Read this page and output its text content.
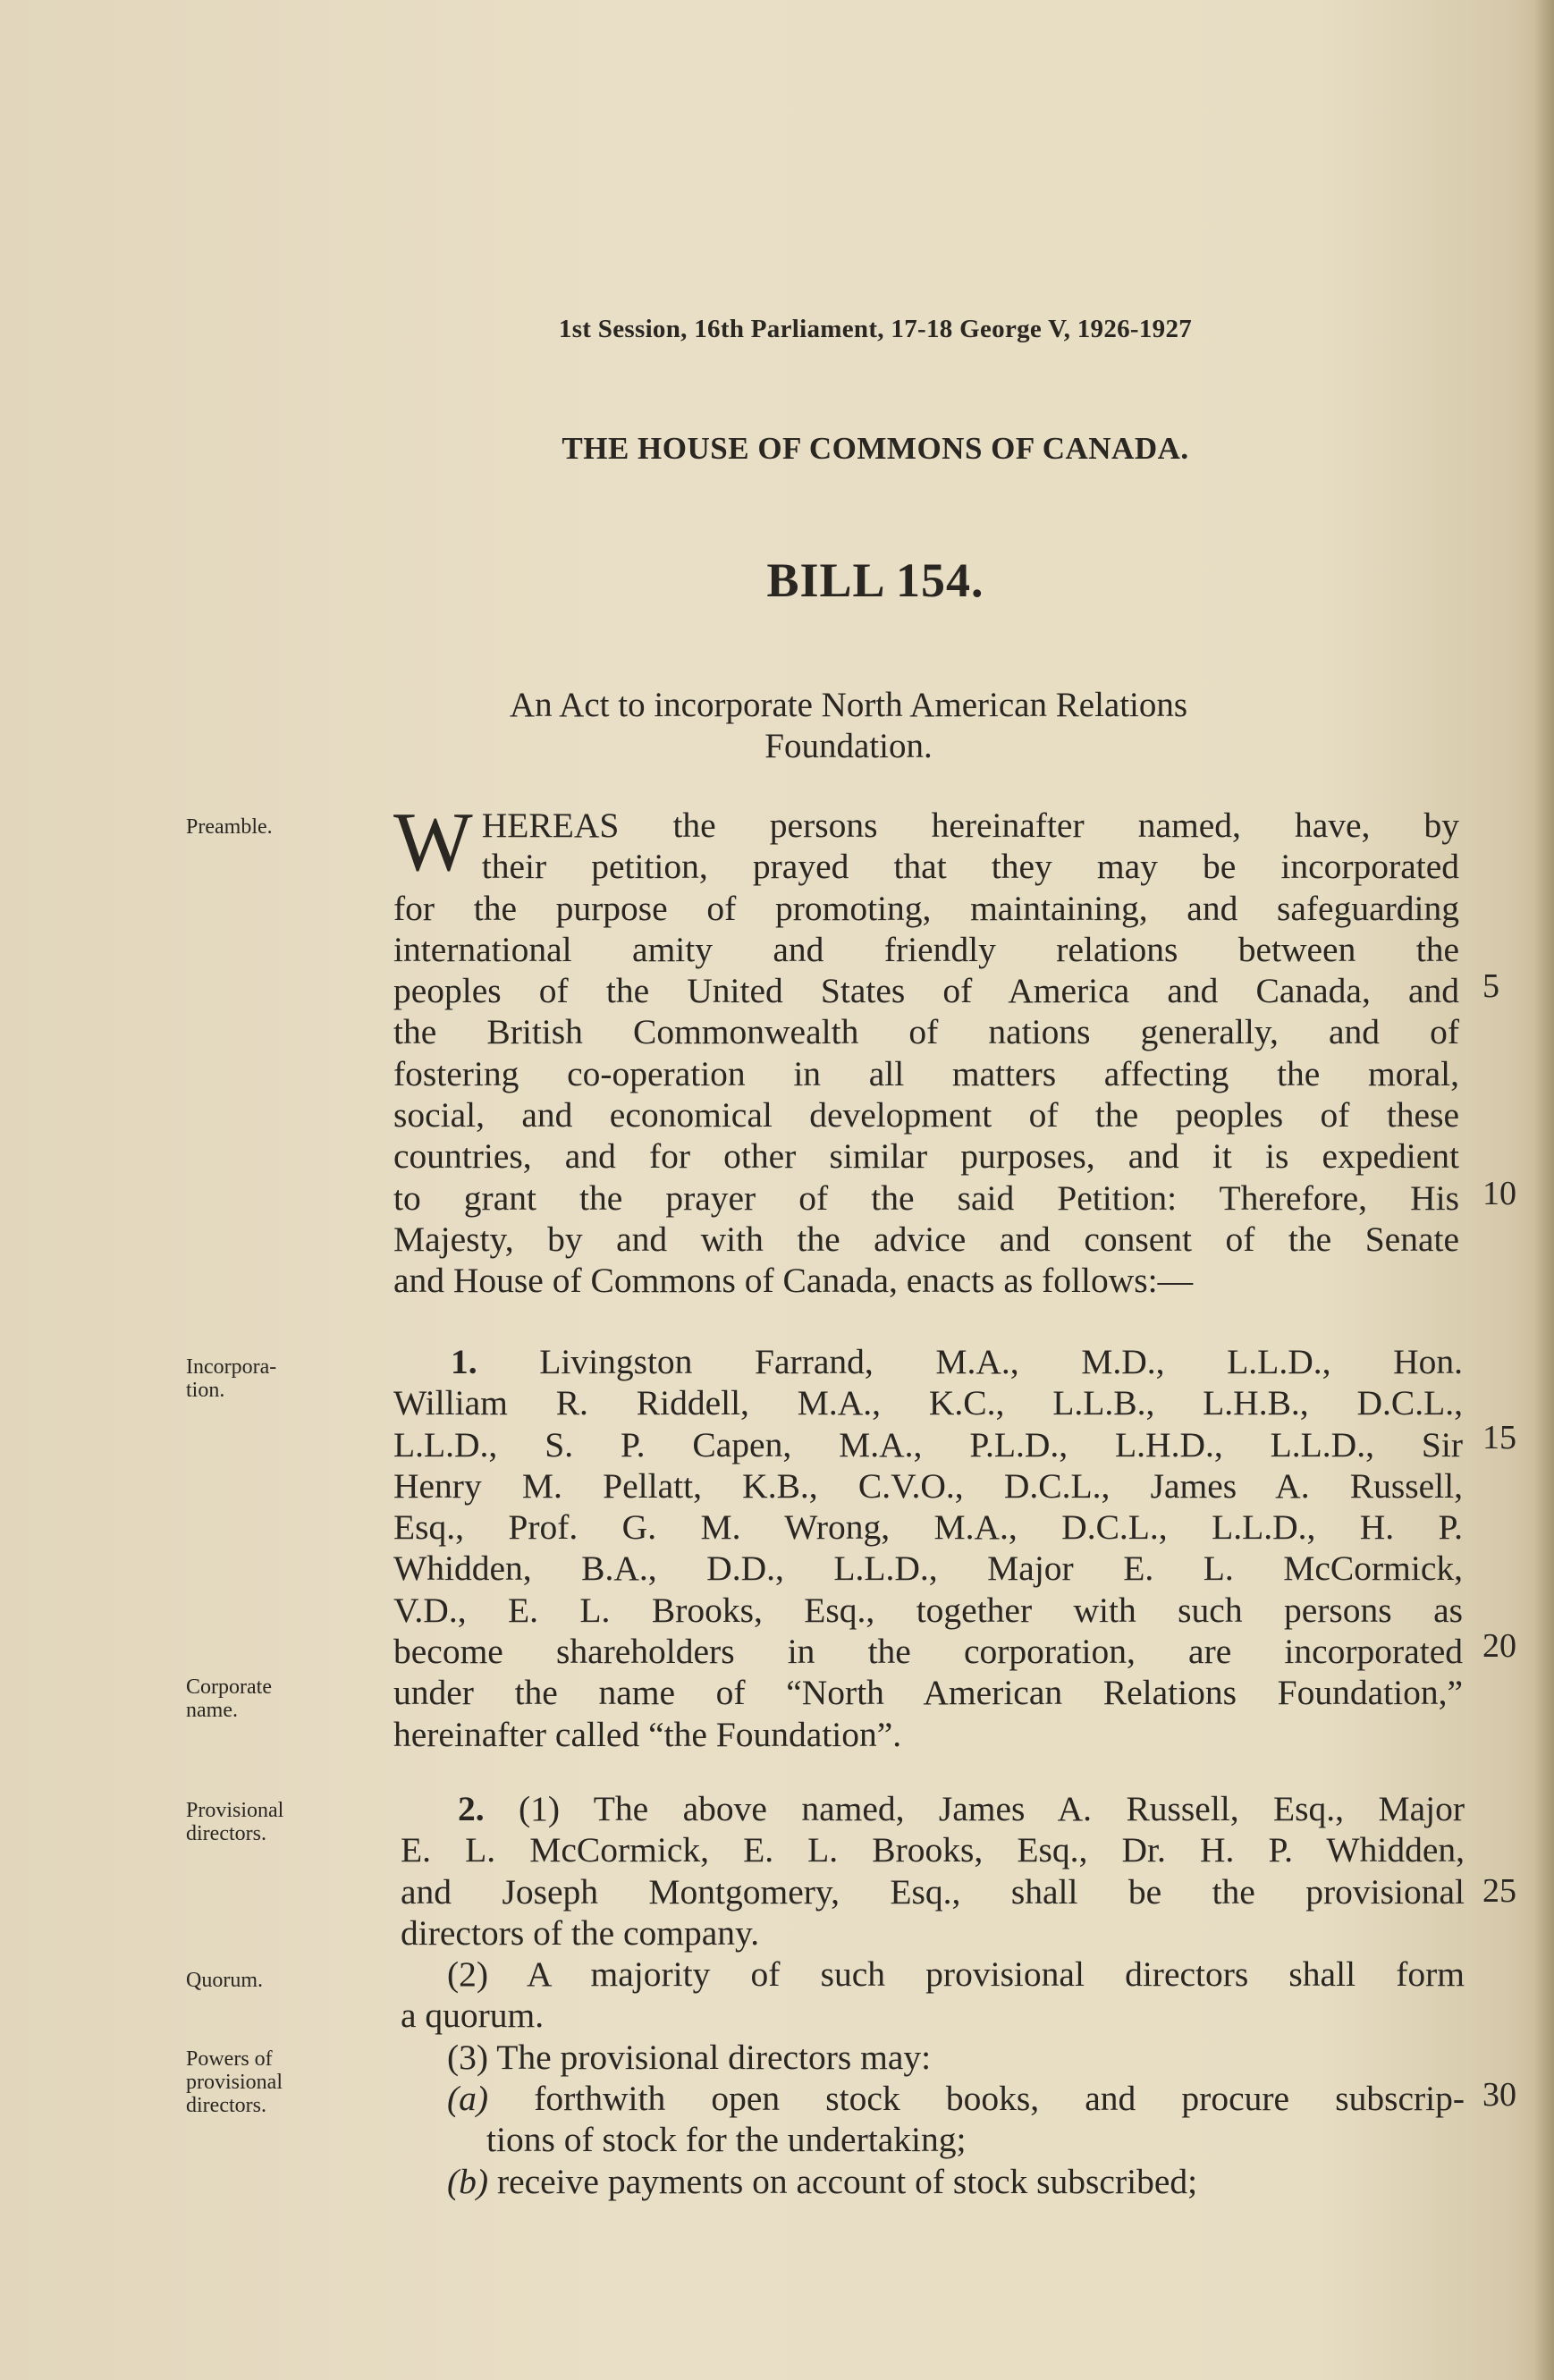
1st Session, 16th Parliament, 17-18 George V, 1926-1927
THE HOUSE OF COMMONS OF CANADA.
BILL 154.
An Act to incorporate North American Relations
Foundation.
Preamble.
Incorpora-
tion.
Corporate
name.
Provisional
directors.
Quorum.
Powers of
provisional
directors.
W HEREAS the persons hereinafter named, have, by
their petition, prayed that they may be incorporated
for the purpose of promoting, maintaining, and safeguarding
international amity and friendly relations between the
peoples of the United States of America and Canada, and
the British Commonwealth of nations generally, and of
fostering co-operation in all matters affecting the moral,
social, and economical development of the peoples of these
countries, and for other similar purposes, and it is expedient
to grant the prayer of the said Petition: Therefore, His
Majesty, by and with the advice and consent of the Senate
and House of Commons of Canada, enacts as follows:—
1. Livingston Farrand, M.A., M.D., L.L.D., Hon.
William R. Riddell, M.A., K.C., L.L.B., L.H.B., D.C.L.,
L.L.D., S. P. Capen, M.A., P.L.D., L.H.D., L.L.D., Sir
Henry M. Pellatt, K.B., C.V.O., D.C.L., James A. Russell,
Esq., Prof. G. M. Wrong, M.A., D.C.L., L.L.D., H. P.
Whidden, B.A., D.D., L.L.D., Major E. L. McCormick,
V.D., E. L. Brooks, Esq., together with such persons as
become shareholders in the corporation, are incorporated
under the name of “North American Relations Foundation,”
hereinafter called “the Foundation”.
2. (1) The above named, James A. Russell, Esq., Major
E. L. McCormick, E. L. Brooks, Esq., Dr. H. P. Whidden,
and Joseph Montgomery, Esq., shall be the provisional
directors of the company.
(2) A majority of such provisional directors shall form
a quorum.
(3) The provisional directors may:
(a) forthwith open stock books, and procure subscrip-
tions of stock for the undertaking;
(b) receive payments on account of stock subscribed;
5
10
15
20
25
30
